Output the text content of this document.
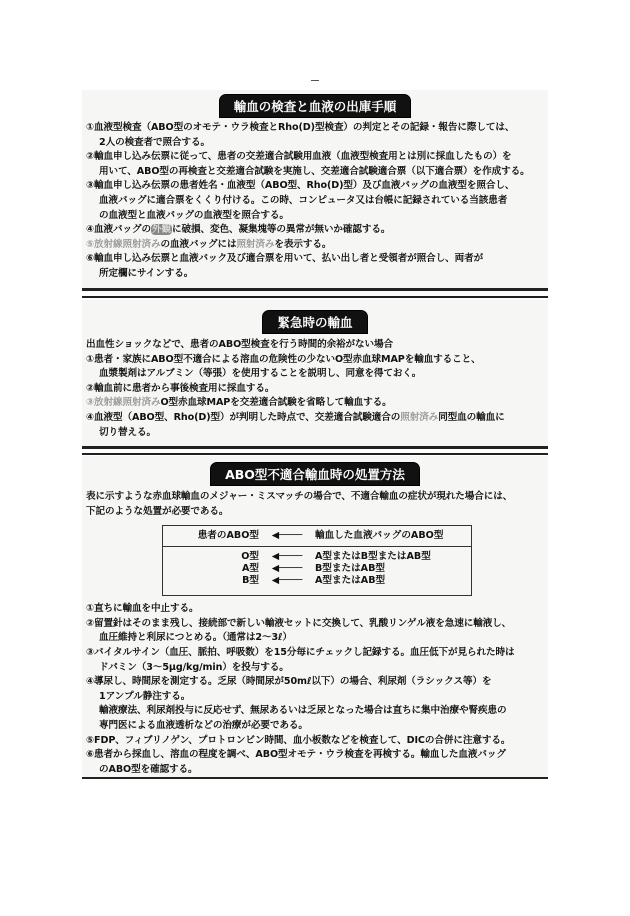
輸血の検査と血液の出庫手順
①血液型検査（ABO型のオモテ・ウラ検査とRho(D)型検査）の判定とその記録・報告に際しては、
2人の検査者で照合する。
②輸血申し込み伝票に従って、患者の交差適合試験用血液（血液型検査用とは別に採血したもの）を
用いて、ABO型の再検査と交差適合試験を実施し、交差適合試験適合票（以下適合票）を作成する。
③輸血申し込み伝票の患者姓名・血液型（ABO型、Rho(D)型）及び血液バッグの血液型を照合し、
血液バッグに適合票をくくり付ける。この時、コンピュータ又は台帳に記録されている当該患者
の血液型と血液バッグの血液型を照合する。
④血液バッグの外観に破損、変色、凝集塊等の異常が無いか確認する。
⑤放射線照射済みの血液バッグには照射済みを表示する。
⑥輸血申し込み伝票と血液バック及び適合票を用いて、払い出し者と受領者が照合し、両者が
所定欄にサインする。
緊急時の輸血
出血性ショックなどで、患者のABO型検査を行う時間的余裕がない場合
①患者・家族にABO型不適合による溶血の危険性の少ないO型赤血球MAPを輸血すること、
血漿製剤はアルブミン（等張）を使用することを説明し、同意を得ておく。
②輸血前に患者から事後検査用に採血する。
③放射線照射済みO型赤血球MAPを交差適合試験を省略して輸血する。
④血液型（ABO型、Rho(D)型）が判明した時点で、交差適合試験適合の照射済み同型血の輸血に
切り替える。
ABO型不適合輸血時の処置方法
表に示すような赤血球輸血のメジャー・ミスマッチの場合で、不適合輸血の症状が現れた場合には、
下記のような処置が必要である。
患者のABO型	◀────	輸血した血液バッグのABO型
O型	◀────	A型またはB型またはAB型
A型	◀────	B型またはAB型
B型	◀────	A型またはAB型
①直ちに輸血を中止する。
②留置針はそのまま残し、接続部で新しい輸液セットに交換して、乳酸リンゲル液を急速に輸液し、
血圧維持と利尿につとめる。（通常は2〜3ℓ）
③バイタルサイン（血圧、脈拍、呼吸数）を15分毎にチェックし記録する。血圧低下が見られた時は
ドパミン（3〜5μg/kg/min）を投与する。
④導尿し、時間尿を測定する。乏尿（時間尿が50mℓ以下）の場合、利尿剤（ラシックス等）を
1アンプル静注する。
輸液療法、利尿剤投与に反応せず、無尿あるいは乏尿となった場合は直ちに集中治療や腎疾患の
専門医による血液透析などの治療が必要である。
⑤FDP、フィブリノゲン、プロトロンビン時間、血小板数などを検査して、DICの合併に注意する。
⑥患者から採血し、溶血の程度を調べ、ABO型オモテ・ウラ検査を再検する。輸血した血液バッグ
のABO型を確認する。
